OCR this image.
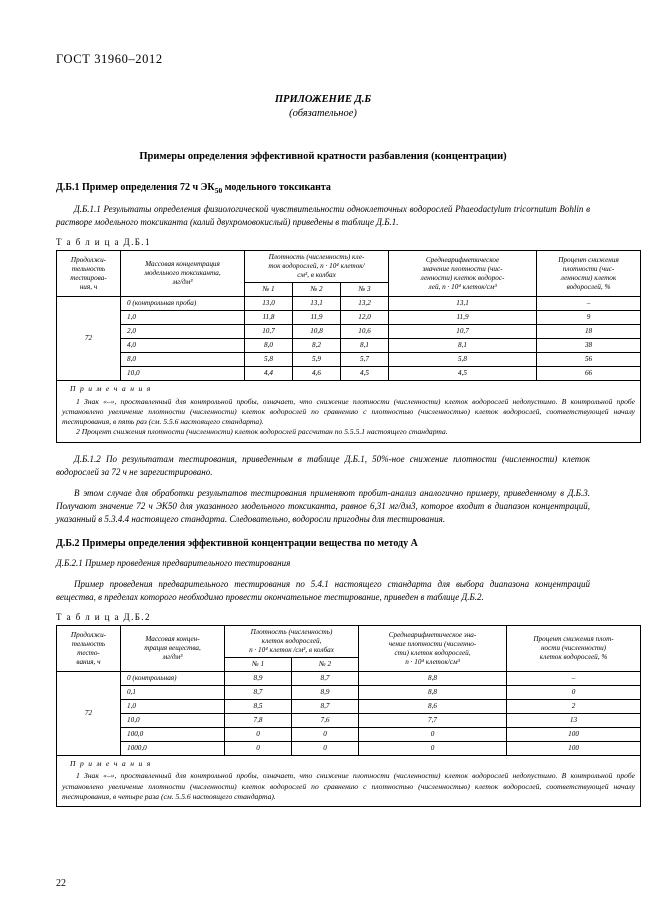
ГОСТ 31960–2012
ПРИЛОЖЕНИЕ Д.Б
(обязательное)
Примеры определения эффективной кратности разбавления (концентрации)
Д.Б.1 Пример определения 72 ч $ЭК_{50}$ модельного токсиканта

Д.Б.1.1 Результаты определения физиологической чувствительности одноклеточных водорослей Phaeodactylum tricornutum Bohlin в растворе модельного токсиканта (калий двухромовокислый) приведены в таблице Д.Б.1.

Т а б л и ц а Д.Б.1
Продолжи-
тельность
тестирова-
ния, ч	Массовая концентрация
модельного токсиканта,
мг/дм³	Плотность (численность) кле-
ток водорослей, n · 10⁴ клеток/
см³, в колбах			Среднеарифметическое
значение плотности (чис-
ленности) клеток водорос-
лей, n · 10⁴ клеток/см³	Процент снижения
плотности (чис-
ленности) клеток
водорослей, %
		№ 1	№ 2	№ 3		
72	0 (контрольная проба)	13,0	13,1	13,2	13,1	–
	1,0	11,8	11,9	12,0	11,9	9
	2,0	10,7	10,8	10,6	10,7	18
	4,0	8,0	8,2	8,1	8,1	38
	8,0	5,8	5,9	5,7	5,8	56
	10,0	4,4	4,6	4,5	4,5	66

П р и м е ч а н и я

1 Знак «–», проставленный для контрольной пробы, означает, что снижение плотности (численности) клеток водорослей недопустимо. В контрольной пробе установлено увеличение плотности (численности) клеток водорослей по сравнению с плотностью (численностью) клеток водорослей, соответствующей началу тестирования, в пять раз (см. 5.5.6 настоящего стандарта).

2 Процент снижения плотности (численности) клеток водорослей рассчитан по 5.5.5.1 настоящего стандарта.						

Д.Б.1.2 По результатам тестирования, приведенным в таблице Д.Б.1, 50%-ное снижение плотности (численности) клеток водорослей за 72 ч не зарегистрировано.

В этом случае для обработки результатов тестирования применяют пробит-анализ аналогично примеру, приведенному в Д.Б.3. Получают значение 72 ч ЭК50 для указанного модельного токсиканта, равное 6,31 мг/дм3, которое входит в диапазон концентраций, указанный в 5.3.4.4 настоящего стандарта. Следовательно, водоросли пригодны для тестирования.

Д.Б.2 Примеры определения эффективной концентрации вещества по методу А

Д.Б.2.1 Пример проведения предварительного тестирования

Пример проведения предварительного тестирования по 5.4.1 настоящего стандарта для выбора диапазона концентраций вещества, в пределах которого необходимо провести окончательное тестирование, приведен в таблице Д.Б.2.

Т а б л и ц а Д.Б.2
Продолжи-
тельность
тесто-
вания, ч	Массовая концен-
трация вещества,
мг/дм³	Плотность (численность)
клеток водорослей,
n · 10⁴ клеток /см³, в колбах		Среднеарифметическое зна-
чение плотности (численно-
сти) клеток водорослей,
n · 10⁴ клеток/см³	Процент снижения плот-
ности (численности)
клеток водорослей, %
		№ 1	№ 2		
72	0 (контрольная)	8,9	8,7	8,8	–
	0,1	8,7	8,9	8,8	0
	1,0	8,5	8,7	8,6	2
	10,0	7,8	7,6	7,7	13
	100,0	0	0	0	100
	1000,0	0	0	0	100

П р и м е ч а н и я

1 Знак «–», проставленный для контрольной пробы, означает, что снижение плотности (численности) клеток водорослей недопустимо. В контрольной пробе установлено увеличение плотности (численности) клеток водорослей по сравнению с плотностью (численностью) клеток водорослей, соответствующей началу тестирования, в четыре раза (см. 5.5.6 настоящего стандарта).					

22
